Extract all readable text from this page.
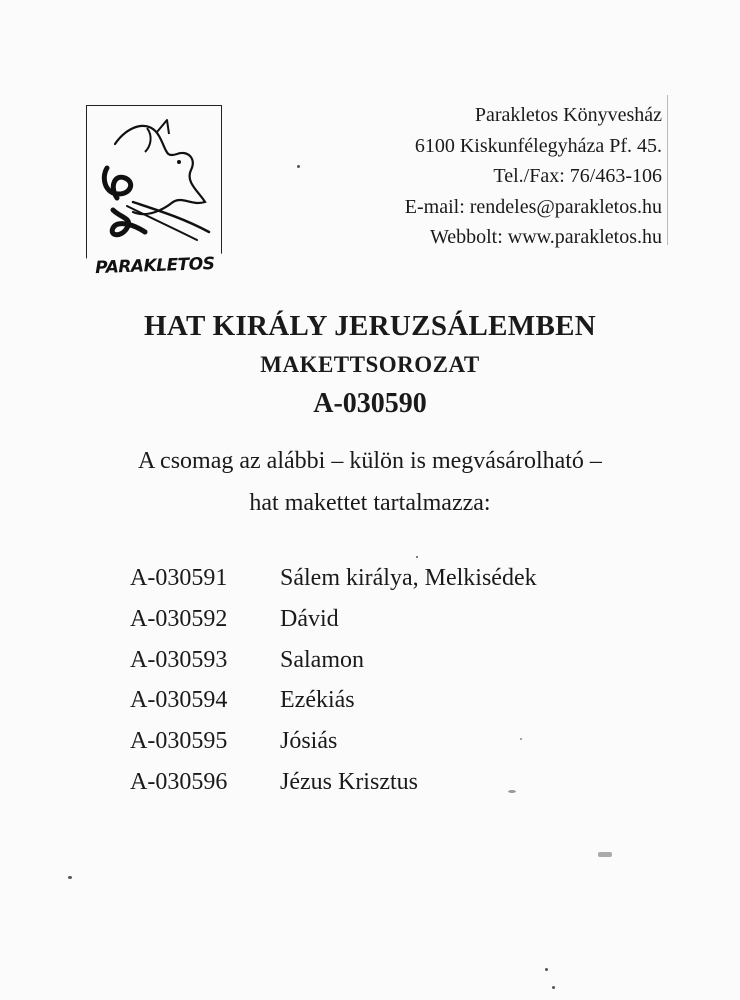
PARAKLETOS
Parakletos Könyvesház
6100 Kiskunfélegyháza Pf. 45.
Tel./Fax: 76/463-106
E-mail: rendeles@parakletos.hu
Webbolt: www.parakletos.hu
HAT KIRÁLY JERUZSÁLEMBEN
MAKETTSOROZAT
A-030590
A csomag az alábbi – külön is megvásárolható –
hat makettet tartalmazza:
A-030591 Sálem királya, Melkisédek
A-030592 Dávid
A-030593 Salamon
A-030594 Ezékiás
A-030595 Jósiás
A-030596 Jézus Krisztus
